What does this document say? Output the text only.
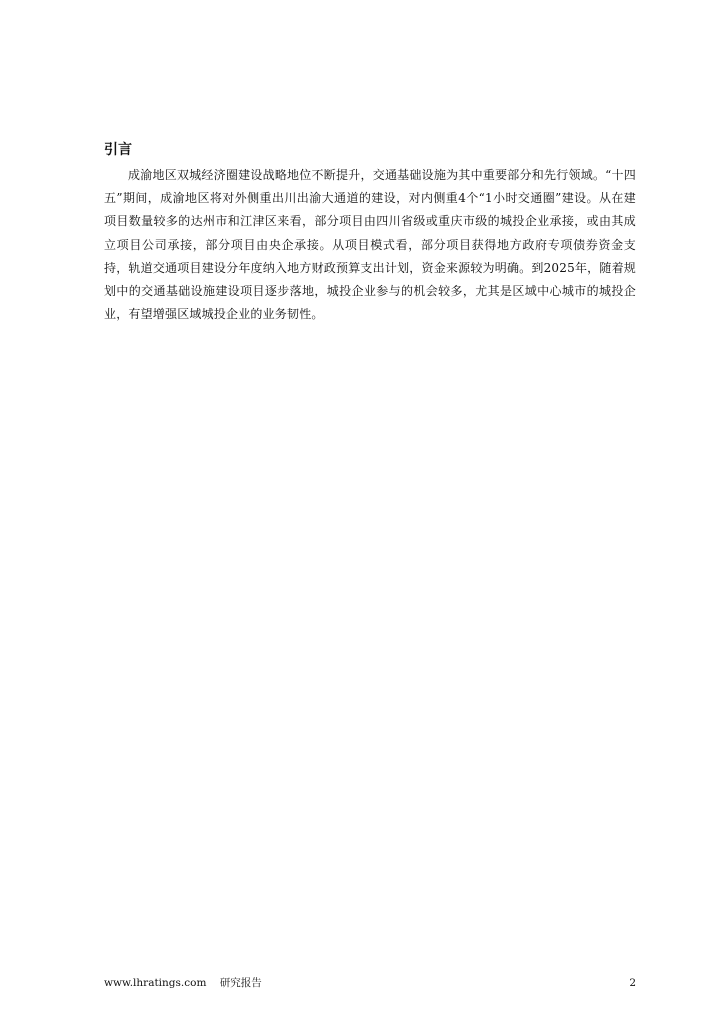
引言

成渝地区双城经济圈建设战略地位不断提升，交通基础设施为其中重要部分和先行领域。“十四五”期间，成渝地区将对外侧重出川出渝大通道的建设，对内侧重4个“1小时交通圈”建设。从在建项目数量较多的达州市和江津区来看，部分项目由四川省级或重庆市级的城投企业承接，或由其成立项目公司承接，部分项目由央企承接。从项目模式看，部分项目获得地方政府专项债券资金支持，轨道交通项目建设分年度纳入地方财政预算支出计划，资金来源较为明确。到2025年，随着规划中的交通基础设施建设项目逐步落地，城投企业参与的机会较多，尤其是区域中心城市的城投企业，有望增强区域城投企业的业务韧性。

www.lhratings.com 研究报告	2
